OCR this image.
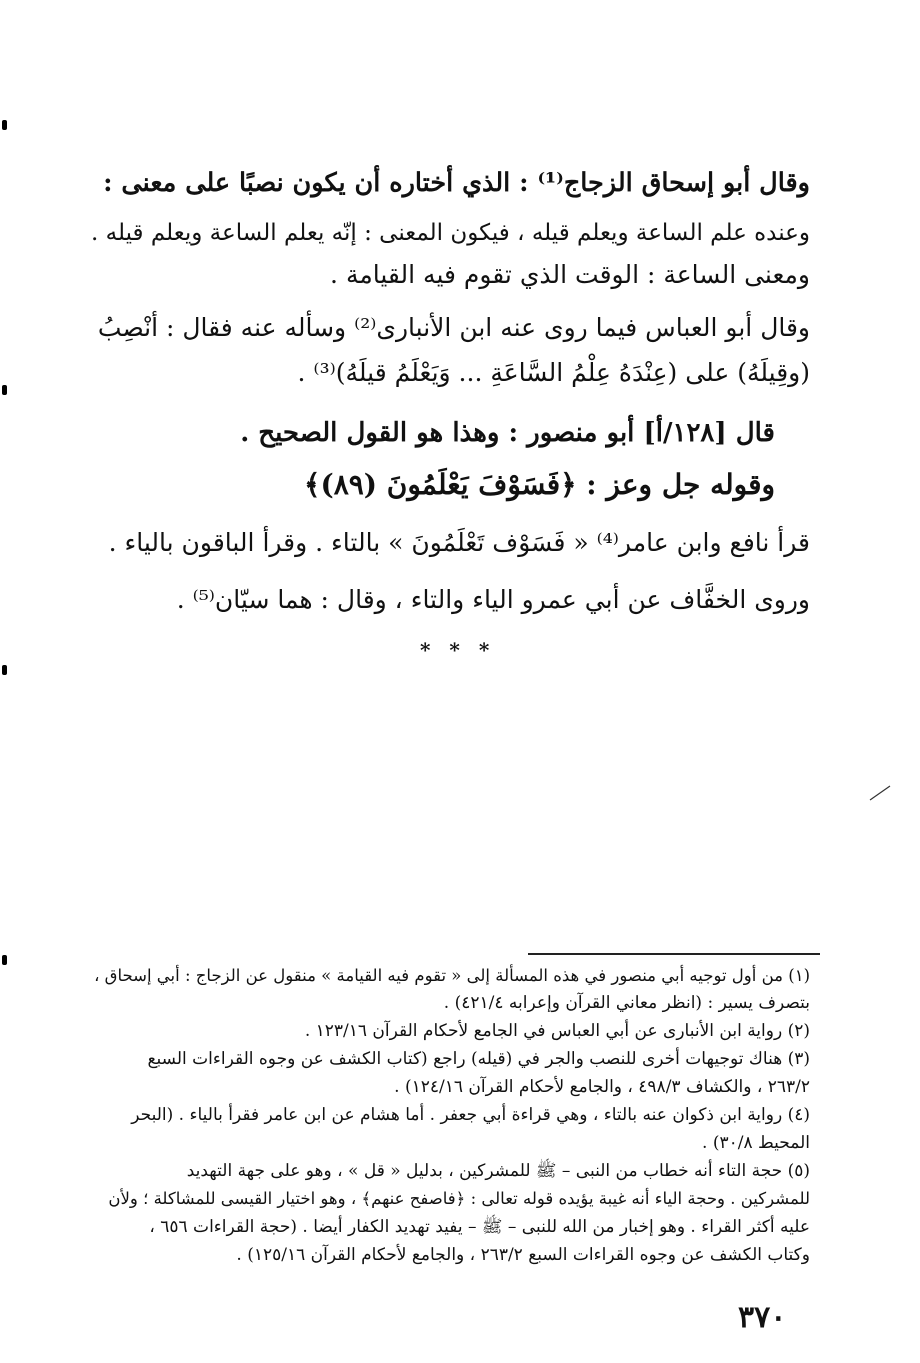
وقال أبو إسحاق الزجاج⁽¹⁾ : الذي أختاره أن يكون نصبًا على معنى :
وعنده علم الساعة ويعلم قيله ، فيكون المعنى : إنّه يعلم الساعة ويعلم قيله .
ومعنى الساعة : الوقت الذي تقوم فيه القيامة .
وقال أبو العباس فيما روى عنه ابن الأنبارى⁽²⁾ وسأله عنه فقال : أنْصِبُ
(وقِيلَهُ) على (عِنْدَهُ عِلْمُ السَّاعَةِ ... وَيَعْلَمُ قيلَهُ)⁽³⁾ .
قال [١٢٨/أ] أبو منصور : وهذا هو القول الصحيح .
وقوله جل وعز : ﴿فَسَوْفَ يَعْلَمُونَ (٨٩)﴾
قرأ نافع وابن عامر⁽⁴⁾ « فَسَوْف تَعْلَمُونَ » بالتاء . وقرأ الباقون بالياء .
وروى الخفَّاف عن أبي عمرو الياء والتاء ، وقال : هما سيّان⁽⁵⁾ .
* * *
(١) من أول توجيه أبي منصور في هذه المسألة إلى « تقوم فيه القيامة » منقول عن الزجاج : أبي إسحاق ،
بتصرف يسير : (انظر معاني القرآن وإعرابه ٤٢١/٤) .
(٢) رواية ابن الأنبارى عن أبي العباس في الجامع لأحكام القرآن ١٢٣/١٦ .
(٣) هناك توجيهات أخرى للنصب والجر في (قيله) راجع (كتاب الكشف عن وجوه القراءات السبع
٢٦٣/٢ ، والكشاف ٤٩٨/٣ ، والجامع لأحكام القرآن ١٢٤/١٦) .
(٤) رواية ابن ذكوان عنه بالتاء ، وهي قراءة أبي جعفر . أما هشام عن ابن عامر فقرأ بالياء . (البحر
المحيط ٣٠/٨) .
(٥) حجة التاء أنه خطاب من النبى – ﷺ للمشركين ، بدليل « قل » ، وهو على جهة التهديد
للمشركين . وحجة الياء أنه غيبة يؤيده قوله تعالى : ﴿فاصفح عنهم﴾ ، وهو اختيار القيسى للمشاكلة ؛ ولأن
عليه أكثر القراء . وهو إخبار من الله للنبى – ﷺ – يفيد تهديد الكفار أيضا . (حجة القراءات ٦٥٦ ،
وكتاب الكشف عن وجوه القراءات السبع ٢٦٣/٢ ، والجامع لأحكام القرآن ١٢٥/١٦) .
٣٧٠
